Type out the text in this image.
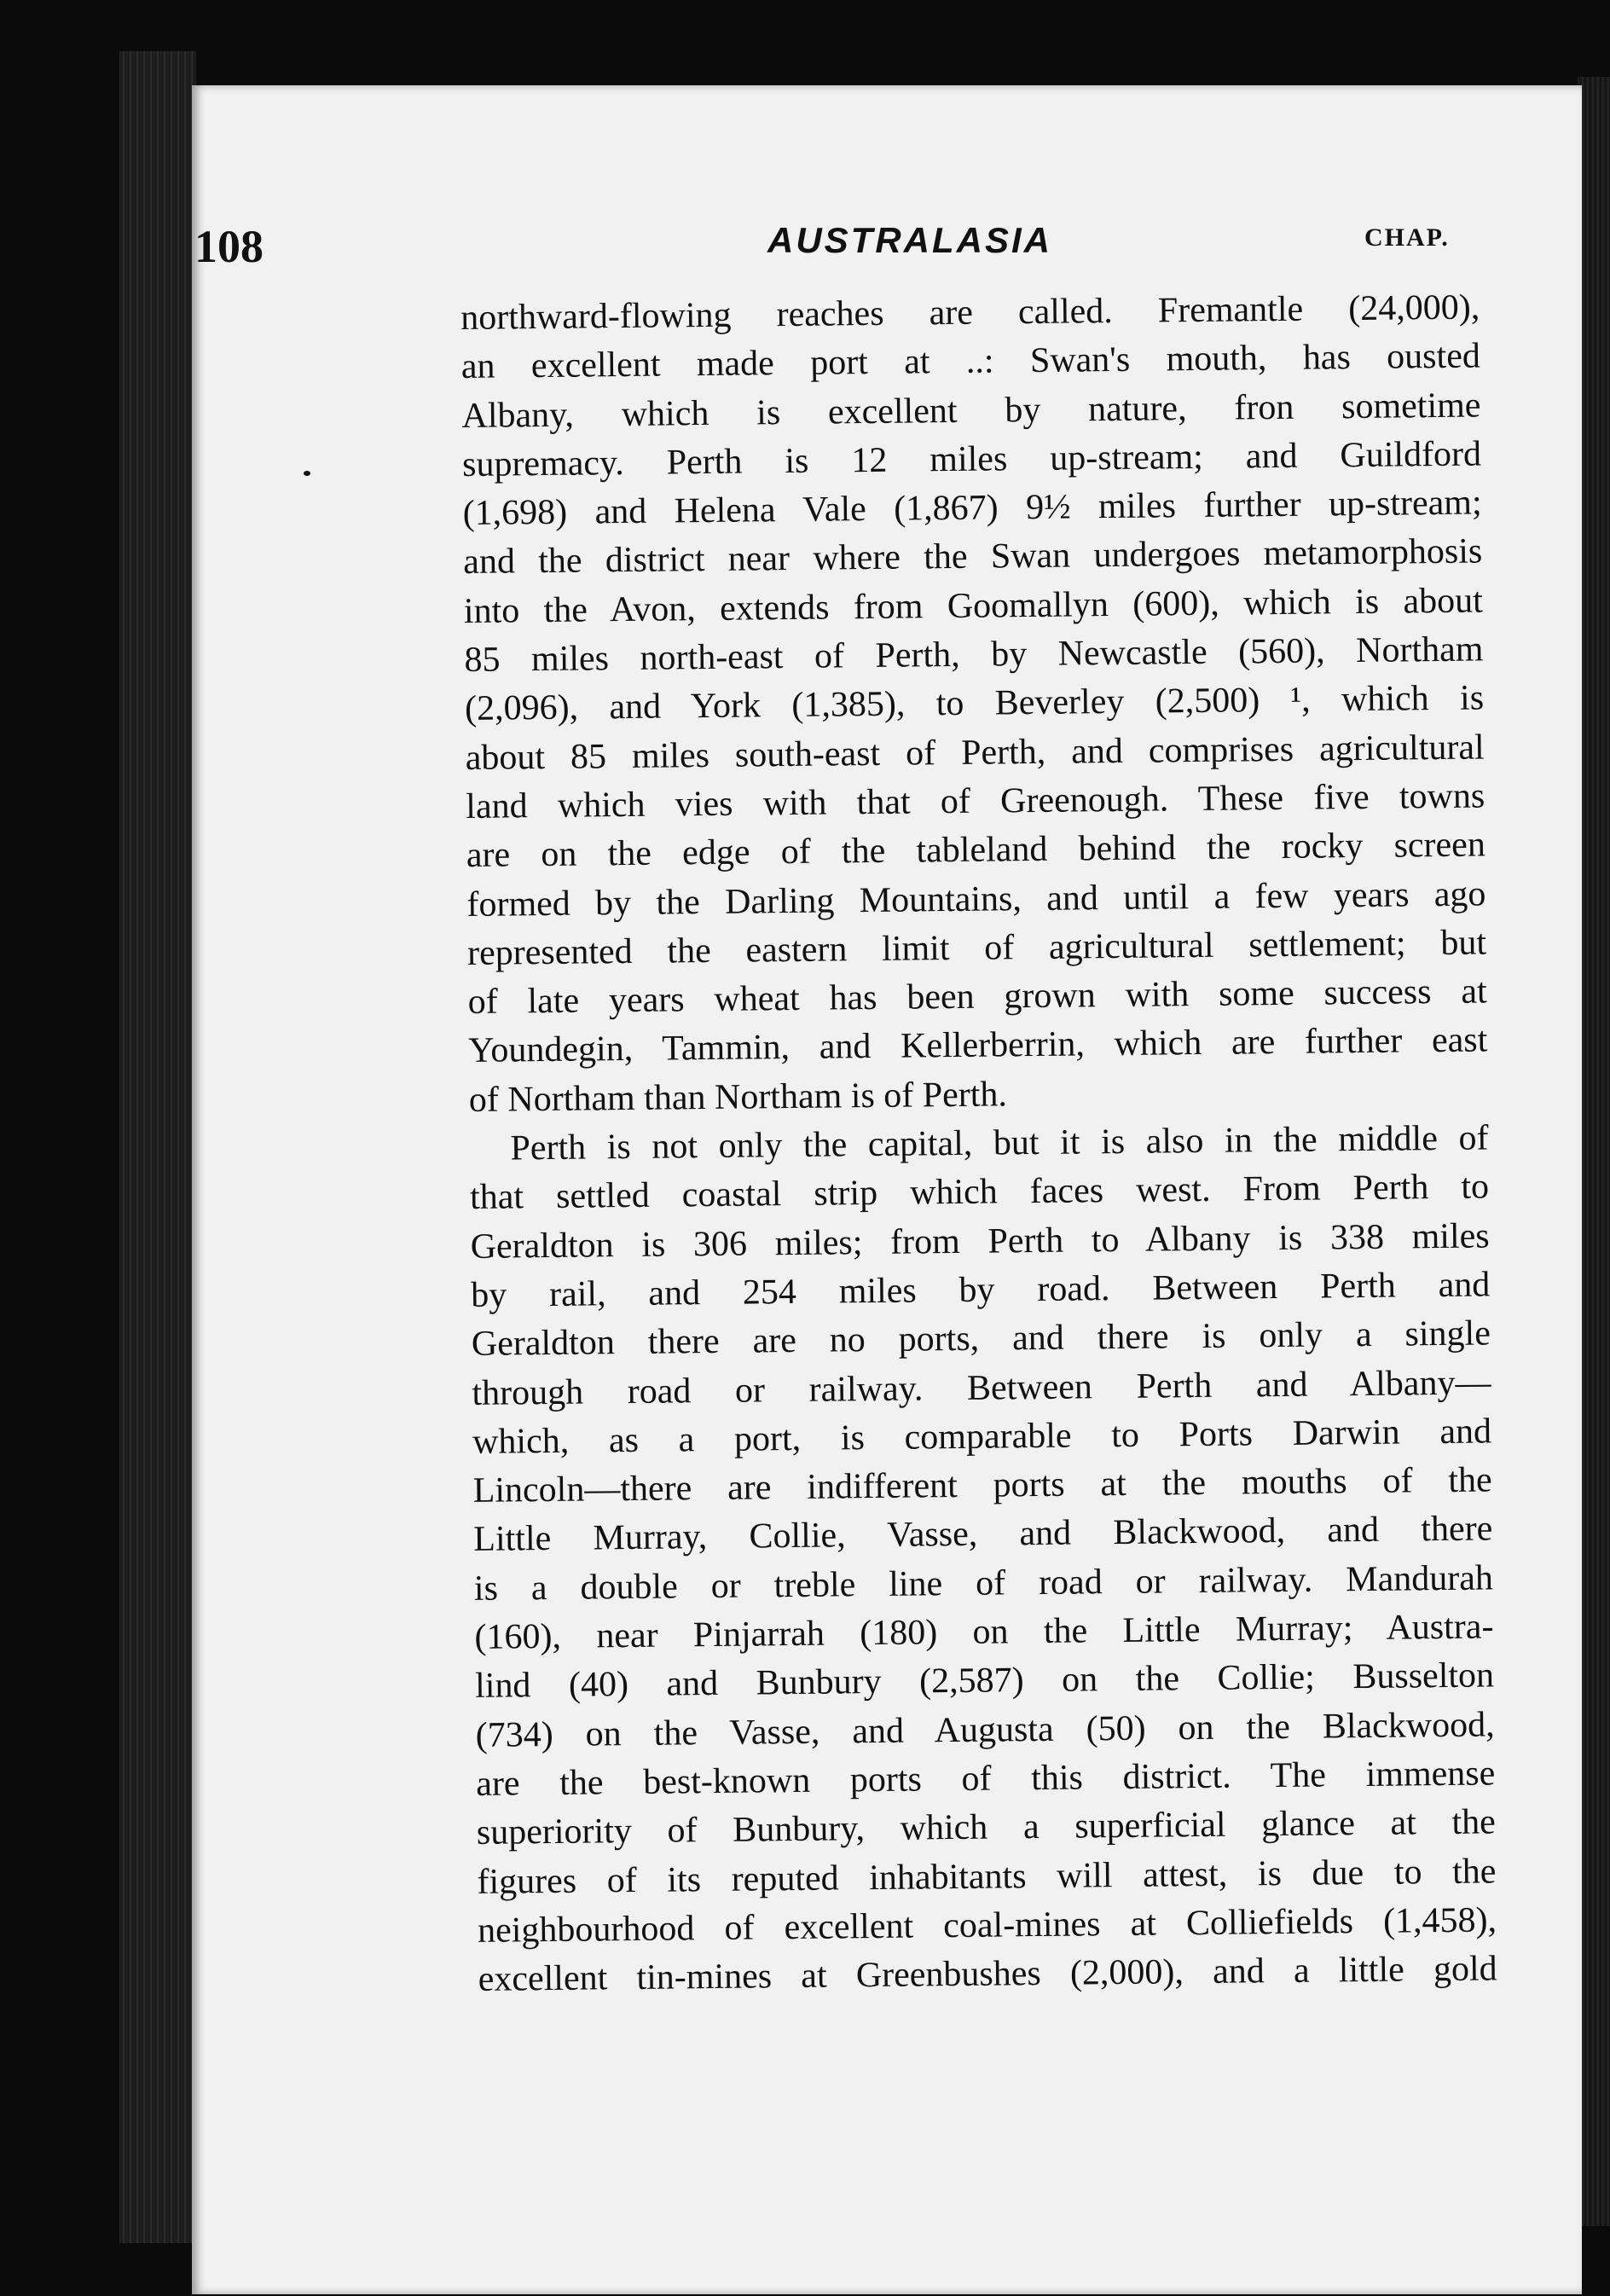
108	AUSTRALASIA	CHAP.
northward-flowing reaches are called. Fremantle (24,000),
an excellent made port at ..: Swan's mouth, has ousted
Albany, which is excellent by nature, fron sometime
supremacy. Perth is 12 miles up-stream; and Guildford
(1,698) and Helena Vale (1,867) 9½ miles further up-stream;
and the district near where the Swan undergoes metamorphosis
into the Avon, extends from Goomallyn (600), which is about
85 miles north-east of Perth, by Newcastle (560), Northam
(2,096), and York (1,385), to Beverley (2,500) ¹, which is
about 85 miles south-east of Perth, and comprises agricultural
land which vies with that of Greenough. These five towns
are on the edge of the tableland behind the rocky screen
formed by the Darling Mountains, and until a few years ago
represented the eastern limit of agricultural settlement; but
of late years wheat has been grown with some success at
Youndegin, Tammin, and Kellerberrin, which are further east
of Northam than Northam is of Perth.
Perth is not only the capital, but it is also in the middle of
that settled coastal strip which faces west. From Perth to
Geraldton is 306 miles; from Perth to Albany is 338 miles
by rail, and 254 miles by road. Between Perth and
Geraldton there are no ports, and there is only a single
through road or railway. Between Perth and Albany—
which, as a port, is comparable to Ports Darwin and
Lincoln—there are indifferent ports at the mouths of the
Little Murray, Collie, Vasse, and Blackwood, and there
is a double or treble line of road or railway. Mandurah
(160), near Pinjarrah (180) on the Little Murray; Austra-
lind (40) and Bunbury (2,587) on the Collie; Busselton
(734) on the Vasse, and Augusta (50) on the Blackwood,
are the best-known ports of this district. The immense
superiority of Bunbury, which a superficial glance at the
figures of its reputed inhabitants will attest, is due to the
neighbourhood of excellent coal-mines at Colliefields (1,458),
excellent tin-mines at Greenbushes (2,000), and a little gold
